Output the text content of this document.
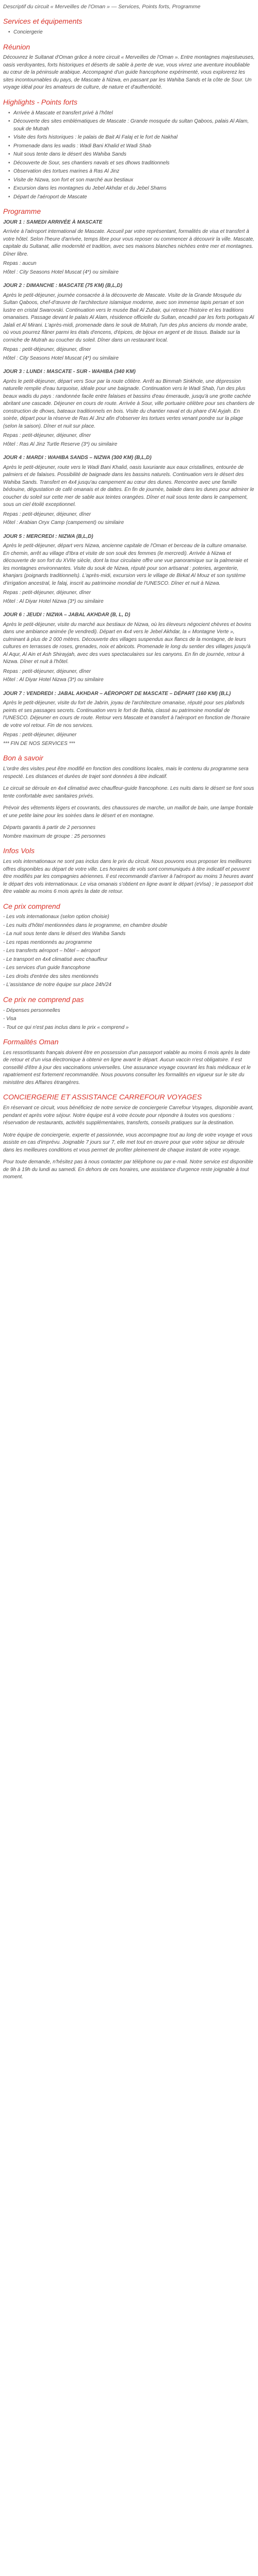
Descriptif du circuit « Merveilles de l'Oman » — Services, Points forts, Programme
Services et équipements
• Conciergerie
Réunion

Découvrez le Sultanat d'Oman grâce à notre circuit « Merveilles de l'Oman ». Entre montagnes majestueuses, oasis verdoyantes, forts historiques et déserts de sable à perte de vue, vous vivrez une aventure inoubliable au cœur de la péninsule arabique. Accompagné d'un guide francophone expérimenté, vous explorerez les sites incontournables du pays, de Mascate à Nizwa, en passant par les Wahiba Sands et la côte de Sour. Un voyage idéal pour les amateurs de culture, de nature et d'authenticité.

Highlights - Points forts
• Arrivée à Mascate et transfert privé à l'hôtel
• Découverte des sites emblématiques de Mascate : Grande mosquée du sultan Qaboos, palais Al Alam, souk de Mutrah
• Visite des forts historiques : le palais de Bait Al Falaj et le fort de Nakhal
• Promenade dans les wadis : Wadi Bani Khalid et Wadi Shab
• Nuit sous tente dans le désert des Wahiba Sands
• Découverte de Sour, ses chantiers navals et ses dhows traditionnels
• Observation des tortues marines à Ras Al Jinz
• Visite de Nizwa, son fort et son marché aux bestiaux
• Excursion dans les montagnes du Jebel Akhdar et du Jebel Shams
• Départ de l'aéroport de Mascate
Programme
JOUR 1 : SAMEDI ARRIVÉE À MASCATE

Arrivée à l'aéroport international de Mascate. Accueil par votre représentant, formalités de visa et transfert à votre hôtel. Selon l'heure d'arrivée, temps libre pour vous reposer ou commencer à découvrir la ville. Mascate, capitale du Sultanat, allie modernité et tradition, avec ses maisons blanches nichées entre mer et montagnes. Dîner libre.

Repas : aucun

Hôtel : City Seasons Hotel Muscat (4*) ou similaire

JOUR 2 : DIMANCHE : MASCATE (75 KM) (B,L,D)

Après le petit-déjeuner, journée consacrée à la découverte de Mascate. Visite de la Grande Mosquée du Sultan Qaboos, chef-d'œuvre de l'architecture islamique moderne, avec son immense tapis persan et son lustre en cristal Swarovski. Continuation vers le musée Bait Al Zubair, qui retrace l'histoire et les traditions omanaises. Passage devant le palais Al Alam, résidence officielle du Sultan, encadré par les forts portugais Al Jalali et Al Mirani. L'après-midi, promenade dans le souk de Mutrah, l'un des plus anciens du monde arabe, où vous pourrez flâner parmi les étals d'encens, d'épices, de bijoux en argent et de tissus. Balade sur la corniche de Mutrah au coucher du soleil. Dîner dans un restaurant local.

Repas : petit-déjeuner, déjeuner, dîner

Hôtel : City Seasons Hotel Muscat (4*) ou similaire

JOUR 3 : LUNDI : MASCATE - SUR - WAHIBA (340 KM)

Après le petit-déjeuner, départ vers Sour par la route côtière. Arrêt au Bimmah Sinkhole, une dépression naturelle remplie d'eau turquoise, idéale pour une baignade. Continuation vers le Wadi Shab, l'un des plus beaux wadis du pays : randonnée facile entre falaises et bassins d'eau émeraude, jusqu'à une grotte cachée abritant une cascade. Déjeuner en cours de route. Arrivée à Sour, ville portuaire célèbre pour ses chantiers de construction de dhows, bateaux traditionnels en bois. Visite du chantier naval et du phare d'Al Ayjah. En soirée, départ pour la réserve de Ras Al Jinz afin d'observer les tortues vertes venant pondre sur la plage (selon la saison). Dîner et nuit sur place.

Repas : petit-déjeuner, déjeuner, dîner

Hôtel : Ras Al Jinz Turtle Reserve (3*) ou similaire

JOUR 4 : MARDI : WAHIBA SANDS – NIZWA (300 KM) (B,L,D)

Après le petit-déjeuner, route vers le Wadi Bani Khalid, oasis luxuriante aux eaux cristallines, entourée de palmiers et de falaises. Possibilité de baignade dans les bassins naturels. Continuation vers le désert des Wahiba Sands. Transfert en 4x4 jusqu'au campement au cœur des dunes. Rencontre avec une famille bédouine, dégustation de café omanais et de dattes. En fin de journée, balade dans les dunes pour admirer le coucher du soleil sur cette mer de sable aux teintes orangées. Dîner et nuit sous tente dans le campement, sous un ciel étoilé exceptionnel.

Repas : petit-déjeuner, déjeuner, dîner

Hôtel : Arabian Oryx Camp (campement) ou similaire

JOUR 5 : MERCREDI : NIZWA (B,L,D)

Après le petit-déjeuner, départ vers Nizwa, ancienne capitale de l'Oman et berceau de la culture omanaise. En chemin, arrêt au village d'Ibra et visite de son souk des femmes (le mercredi). Arrivée à Nizwa et découverte de son fort du XVIIe siècle, dont la tour circulaire offre une vue panoramique sur la palmeraie et les montagnes environnantes. Visite du souk de Nizwa, réputé pour son artisanat : poteries, argenterie, khanjars (poignards traditionnels). L'après-midi, excursion vers le village de Birkat Al Mouz et son système d'irrigation ancestral, le falaj, inscrit au patrimoine mondial de l'UNESCO. Dîner et nuit à Nizwa.

Repas : petit-déjeuner, déjeuner, dîner

Hôtel : Al Diyar Hotel Nizwa (3*) ou similaire

JOUR 6 : JEUDI : NIZWA – JABAL AKHDAR (B, L, D)

Après le petit-déjeuner, visite du marché aux bestiaux de Nizwa, où les éleveurs négocient chèvres et bovins dans une ambiance animée (le vendredi). Départ en 4x4 vers le Jebel Akhdar, la « Montagne Verte », culminant à plus de 2 000 mètres. Découverte des villages suspendus aux flancs de la montagne, de leurs cultures en terrasses de roses, grenades, noix et abricots. Promenade le long du sentier des villages jusqu'à Al Aqur, Al Ain et Ash Shirayjah, avec des vues spectaculaires sur les canyons. En fin de journée, retour à Nizwa. Dîner et nuit à l'hôtel.

Repas : petit-déjeuner, déjeuner, dîner

Hôtel : Al Diyar Hotel Nizwa (3*) ou similaire

JOUR 7 : VENDREDI : JABAL AKHDAR – AÉROPORT DE MASCATE – DÉPART (160 KM) (B,L)

Après le petit-déjeuner, visite du fort de Jabrin, joyau de l'architecture omanaise, réputé pour ses plafonds peints et ses passages secrets. Continuation vers le fort de Bahla, classé au patrimoine mondial de l'UNESCO. Déjeuner en cours de route. Retour vers Mascate et transfert à l'aéroport en fonction de l'horaire de votre vol retour. Fin de nos services.

Repas : petit-déjeuner, déjeuner

*** FIN DE NOS SERVICES ***

Bon à savoir

L'ordre des visites peut être modifié en fonction des conditions locales, mais le contenu du programme sera respecté. Les distances et durées de trajet sont données à titre indicatif.

Le circuit se déroule en 4x4 climatisé avec chauffeur-guide francophone. Les nuits dans le désert se font sous tente confortable avec sanitaires privés.

Prévoir des vêtements légers et couvrants, des chaussures de marche, un maillot de bain, une lampe frontale et une petite laine pour les soirées dans le désert et en montagne.

Départs garantis à partir de 2 personnes

Nombre maximum de groupe : 25 personnes

Infos Vols

Les vols internationaux ne sont pas inclus dans le prix du circuit. Nous pouvons vous proposer les meilleures offres disponibles au départ de votre ville. Les horaires de vols sont communiqués à titre indicatif et peuvent être modifiés par les compagnies aériennes. Il est recommandé d'arriver à l'aéroport au moins 3 heures avant le départ des vols internationaux. Le visa omanais s'obtient en ligne avant le départ (eVisa) ; le passeport doit être valable au moins 6 mois après la date de retour.

Ce prix comprend

- Les vols internationaux (selon option choisie)

- Les nuits d'hôtel mentionnées dans le programme, en chambre double

- La nuit sous tente dans le désert des Wahiba Sands

- Les repas mentionnés au programme

- Les transferts aéroport – hôtel – aéroport

- Le transport en 4x4 climatisé avec chauffeur

- Les services d'un guide francophone

- Les droits d'entrée des sites mentionnés

- L'assistance de notre équipe sur place 24h/24

Ce prix ne comprend pas

- Dépenses personnelles

- Visa

- Tout ce qui n'est pas inclus dans le prix « comprend »

Formalités Oman

Les ressortissants français doivent être en possession d'un passeport valable au moins 6 mois après la date de retour et d'un visa électronique à obtenir en ligne avant le départ. Aucun vaccin n'est obligatoire. Il est conseillé d'être à jour des vaccinations universelles. Une assurance voyage couvrant les frais médicaux et le rapatriement est fortement recommandée. Nous pouvons consulter les formalités en vigueur sur le site du ministère des Affaires étrangères.

CONCIERGERIE ET ASSISTANCE CARREFOUR VOYAGES

En réservant ce circuit, vous bénéficiez de notre service de conciergerie Carrefour Voyages, disponible avant, pendant et après votre séjour. Notre équipe est à votre écoute pour répondre à toutes vos questions : réservation de restaurants, activités supplémentaires, transferts, conseils pratiques sur la destination.

Notre équipe de conciergerie, experte et passionnée, vous accompagne tout au long de votre voyage et vous assiste en cas d'imprévu. Joignable 7 jours sur 7, elle met tout en œuvre pour que votre séjour se déroule dans les meilleures conditions et vous permet de profiter pleinement de chaque instant de votre voyage.

Pour toute demande, n'hésitez pas à nous contacter par téléphone ou par e-mail. Notre service est disponible de 9h à 19h du lundi au samedi. En dehors de ces horaires, une assistance d'urgence reste joignable à tout moment.
